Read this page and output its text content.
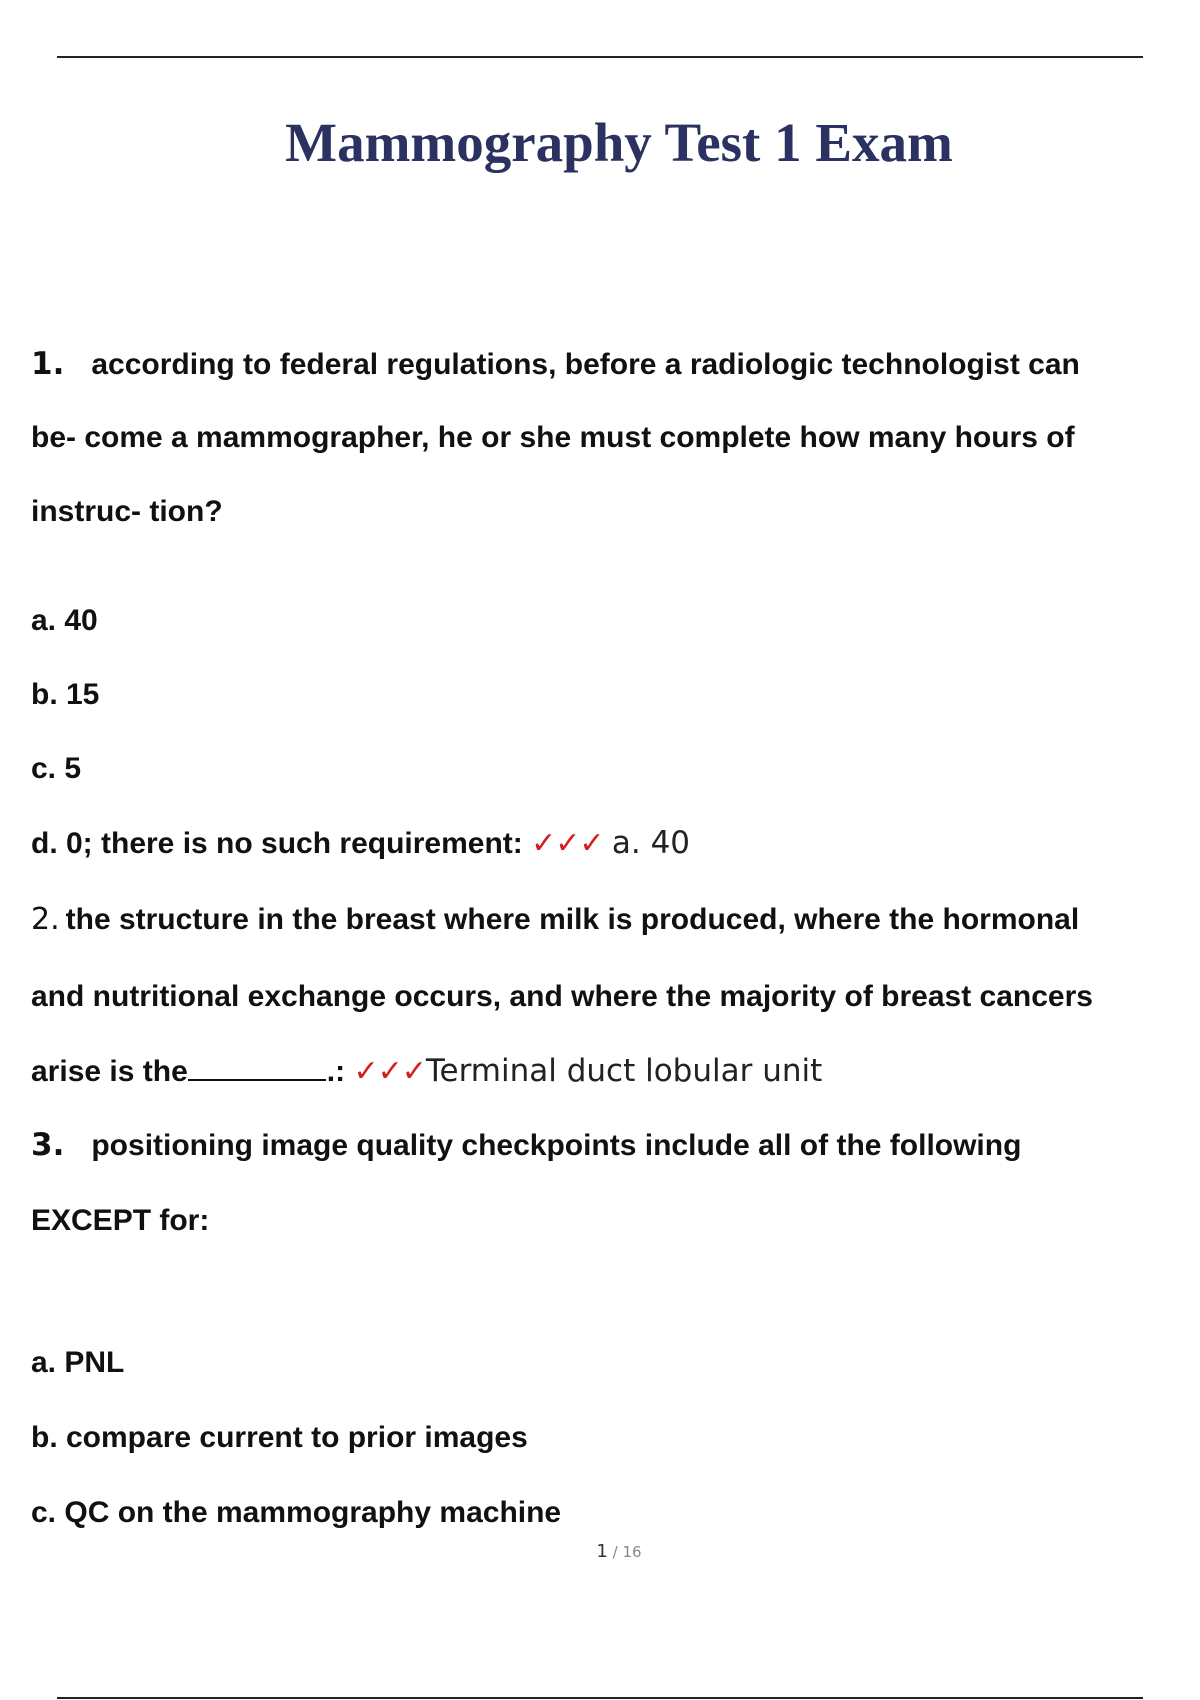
Mammography Test 1 Exam
1. according to federal regulations, before a radiologic technologist can
be- come a mammographer, he or she must complete how many hours of
instruc- tion?
a. 40
b. 15
c. 5
d. 0; there is no such requirement: ✓✓✓ a. 40
2. the structure in the breast where milk is produced, where the hormonal
and nutritional exchange occurs, and where the majority of breast cancers
arise is the	.: ✓✓✓Terminal duct lobular unit
3. positioning image quality checkpoints include all of the following
EXCEPT for:
a. PNL
b. compare current to prior images
c. QC on the mammography machine
1 / 16
